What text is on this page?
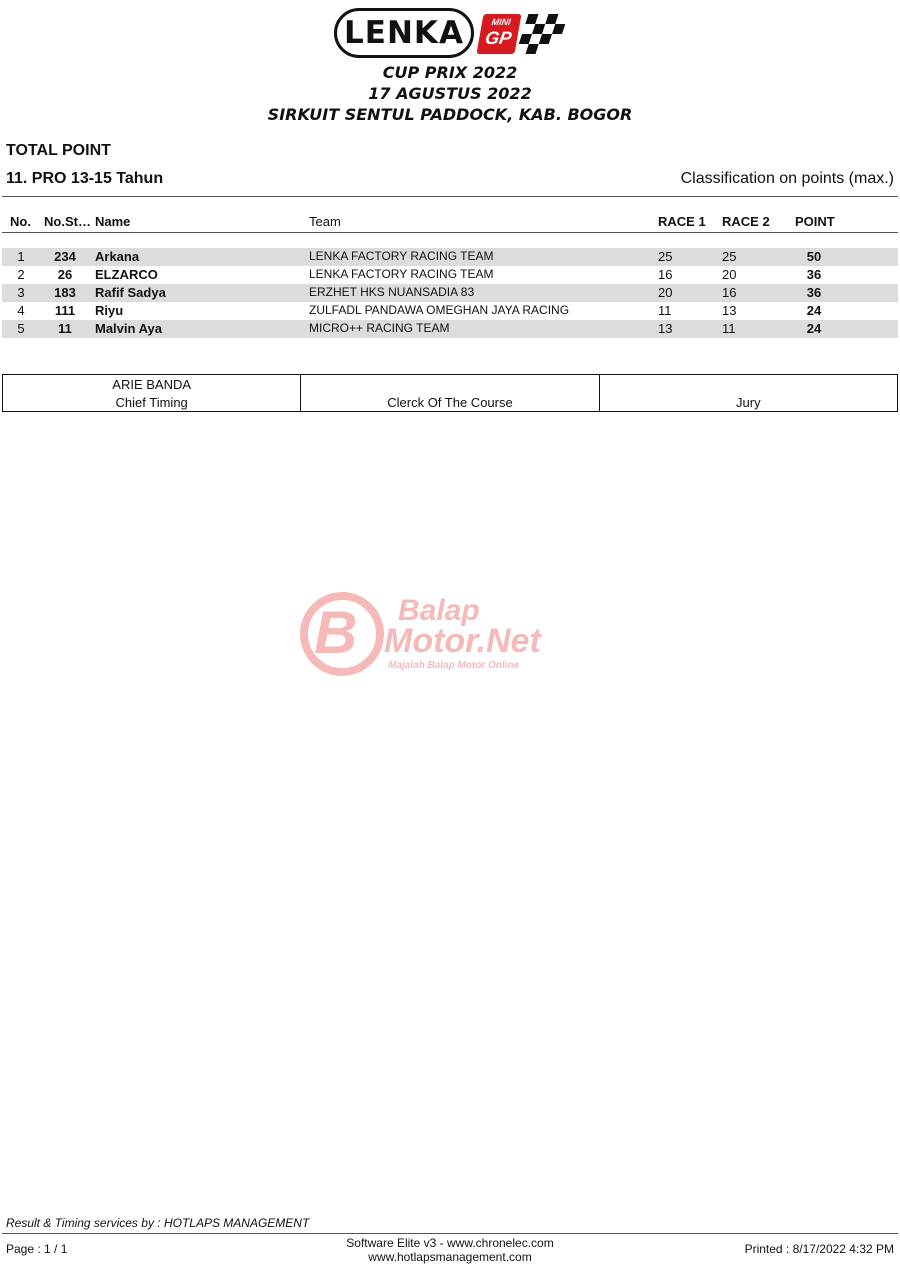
LENKA	MINI
GP
CUP PRIX 2022
17 AGUSTUS 2022
SIRKUIT SENTUL PADDOCK, KAB. BOGOR
TOTAL POINT
11. PRO 13-15 Tahun	Classification on points (max.)
No. No.St… Name	Team	RACE 1 RACE 2 POINT
1	234	Arkana	LENKA FACTORY RACING TEAM	25	25	50
2	26	ELZARCO	LENKA FACTORY RACING TEAM	16	20	36
3	183	Rafif Sadya	ERZHET HKS NUANSADIA 83	20	16	36
4	111	Riyu	ZULFADL PANDAWA OMEGHAN JAYA RACING	11	13	24
5	11	Malvin Aya	MICRO++ RACING TEAM	13	11	24
ARIE BANDA
Chief Timing	Clerck Of The Course	Jury
B Balap
Motor.Net
Majalah Balap Motor Online
Result & Timing services by : HOTLAPS MANAGEMENT
Page : 1 / 1	Software Elite v3 - www.chronelec.com
www.hotlapsmanagement.com
Printed : 8/17/2022 4:32 PM
